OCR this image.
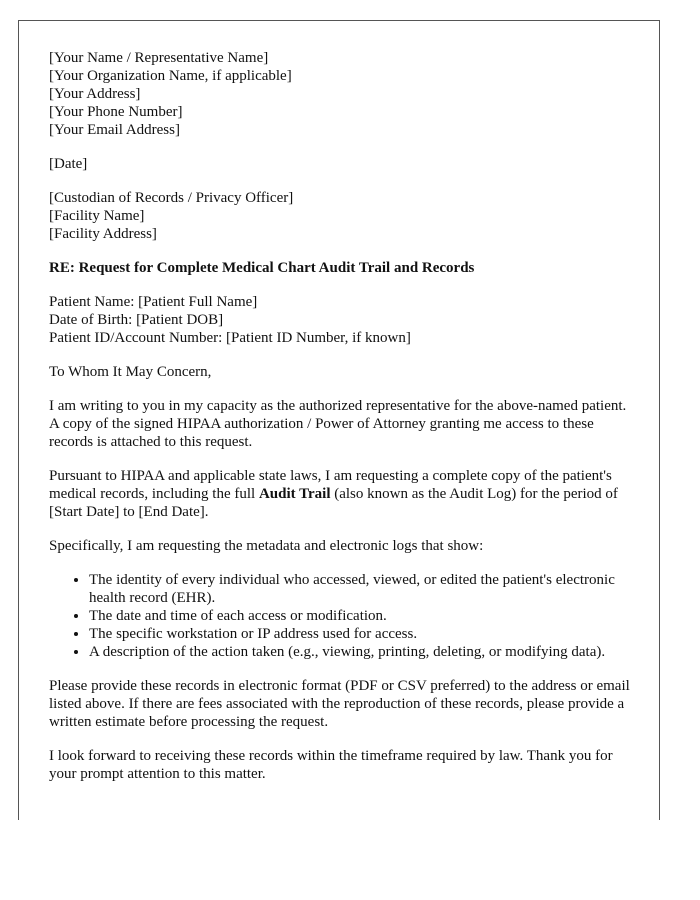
[Your Name / Representative Name]
[Your Organization Name, if applicable]
[Your Address]
[Your Phone Number]
[Your Email Address]
[Date]
[Custodian of Records / Privacy Officer]
[Facility Name]
[Facility Address]

RE: Request for Complete Medical Chart Audit Trail and Records

Patient Name: [Patient Full Name]
Date of Birth: [Patient DOB]
Patient ID/Account Number: [Patient ID Number, if known]

To Whom It May Concern,

I am writing to you in my capacity as the authorized representative for the above-named patient. A copy of the signed HIPAA authorization / Power of Attorney granting me access to these records is attached to this request.

Pursuant to HIPAA and applicable state laws, I am requesting a complete copy of the patient's medical records, including the full Audit Trail (also known as the Audit Log) for the period of [Start Date] to [End Date].

Specifically, I am requesting the metadata and electronic logs that show:

• The identity of every individual who accessed, viewed, or edited the patient's electronic health record (EHR).
• The date and time of each access or modification.
• The specific workstation or IP address used for access.
• A description of the action taken (e.g., viewing, printing, deleting, or modifying data).

Please provide these records in electronic format (PDF or CSV preferred) to the address or email listed above. If there are fees associated with the reproduction of these records, please provide a written estimate before processing the request.

I look forward to receiving these records within the timeframe required by law. Thank you for your prompt attention to this matter.
